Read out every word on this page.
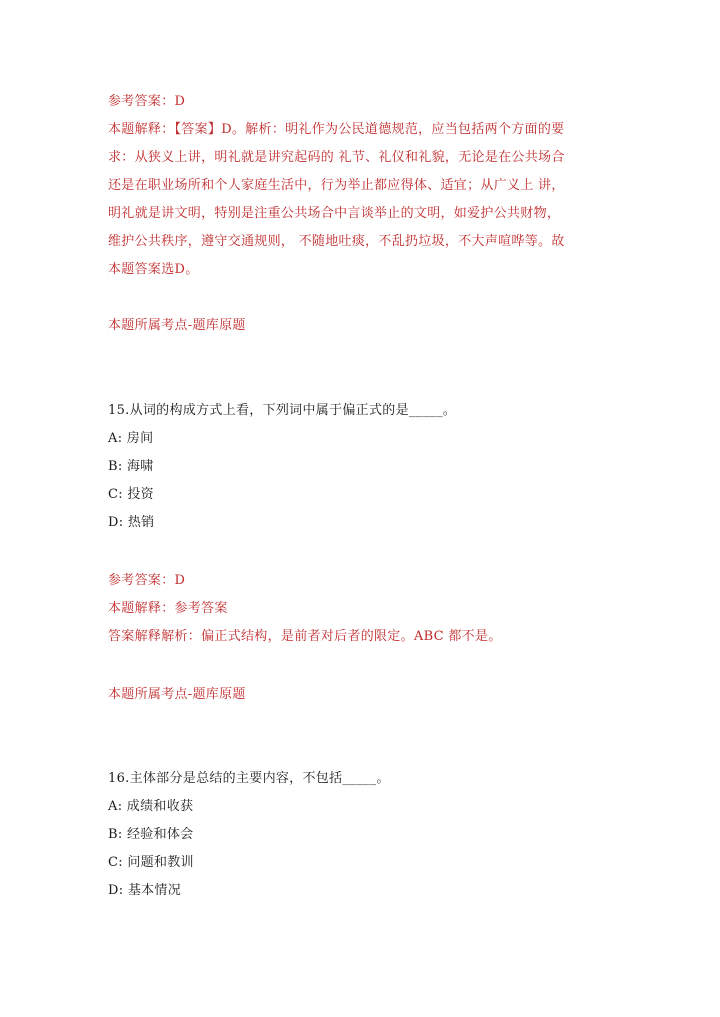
参考答案：D
本题解释：【答案】D。解析：明礼作为公民道德规范，应当包括两个方面的要
求：从狭义上讲，明礼就是讲究起码的 礼节、礼仪和礼貌，无论是在公共场合
还是在职业场所和个人家庭生活中，行为举止都应得体、适宜；从广义上 讲，
明礼就是讲文明，特别是注重公共场合中言谈举止的文明，如爱护公共财物，
维护公共秩序，遵守交通规则， 不随地吐痰，不乱扔垃圾，不大声喧哗等。故
本题答案选D。
本题所属考点-题库原题
15.从词的构成方式上看，下列词中属于偏正式的是_____。
A: 房间
B: 海啸
C: 投资
D: 热销
参考答案：D
本题解释：参考答案
答案解释解析：偏正式结构，是前者对后者的限定。ABC 都不是。
本题所属考点-题库原题
16.主体部分是总结的主要内容，不包括_____。
A: 成绩和收获
B: 经验和体会
C: 问题和教训
D: 基本情况
